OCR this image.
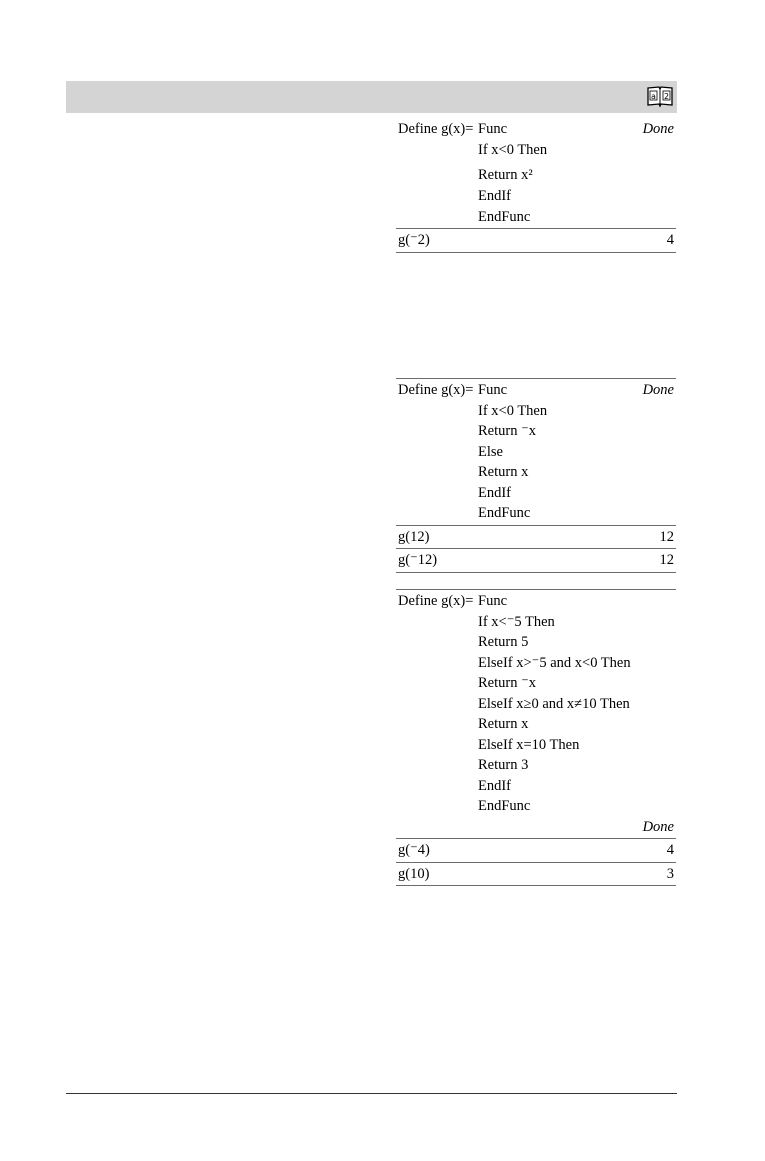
a 2
Define g(x)= Func	Done
If x<0 Then
Return x²
EndIf
EndFunc
g(⁻2)	4
Define g(x)= Func	Done
If x<0 Then
Return ⁻x
Else
Return x
EndIf
EndFunc
g(12)	12
g(⁻12)	12
Define g(x)= Func
If x<⁻5 Then
Return 5
ElseIf x>⁻5 and x<0 Then
Return ⁻x
ElseIf x≥0 and x≠10 Then
Return x
ElseIf x=10 Then
Return 3
EndIf
EndFunc
Done
g(⁻4)	4
g(10)	3
